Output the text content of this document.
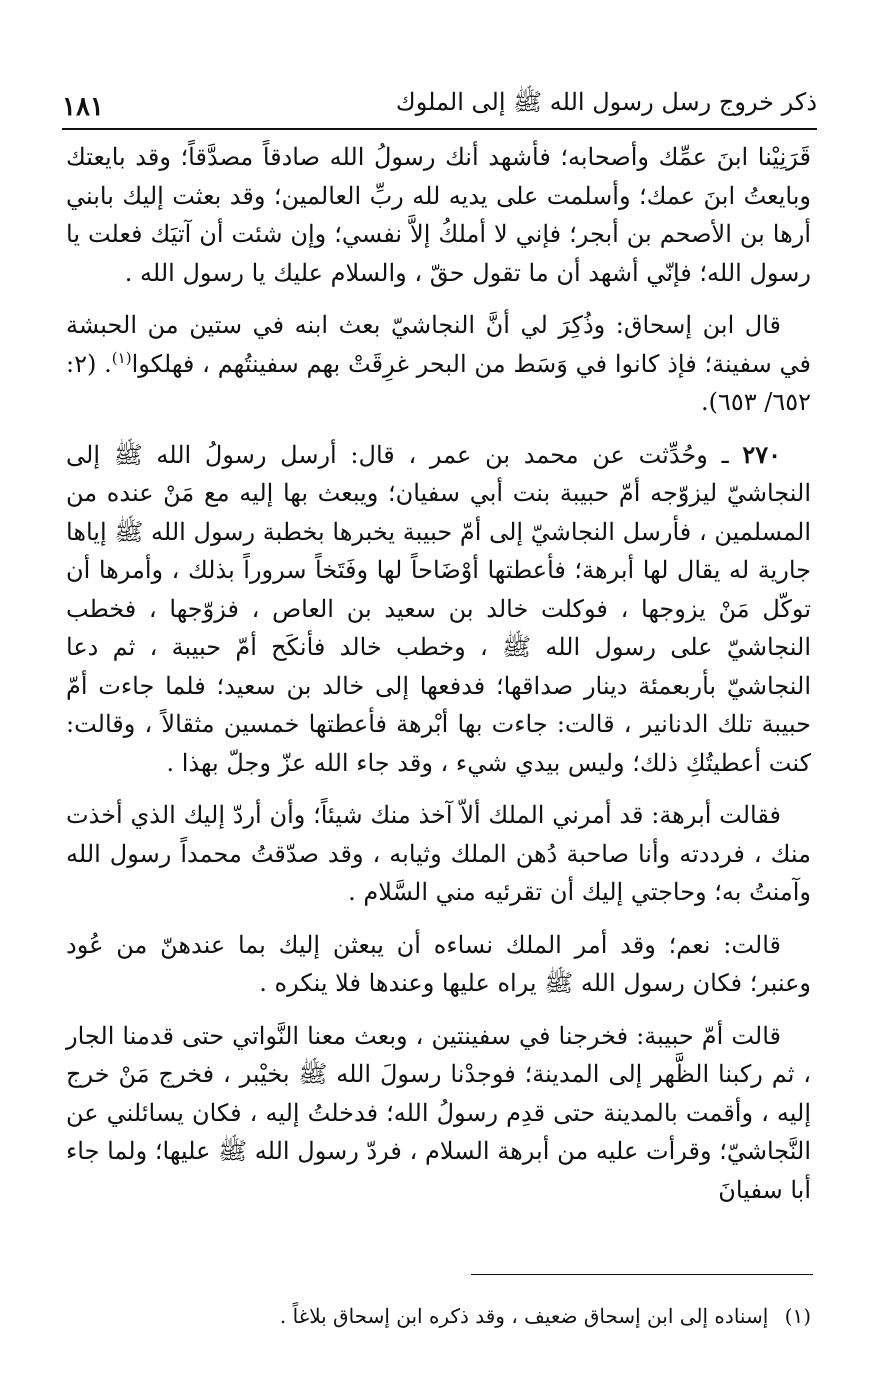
ذكر خروج رسل رسول الله ﷺ إلى الملوك
١٨١

قَرَنِيْنا ابنَ عمِّك وأصحابه؛ فأشهد أنك رسولُ الله صادقاً مصدَّقاً؛ وقد بايعتك وبايعتُ ابنَ عمك؛ وأسلمت على يديه لله ربِّ العالمين؛ وقد بعثت إليك بابني أرها بن الأصحم بن أبجر؛ فإني لا أملكُ إلاَّ نفسي؛ وإن شئت أن آتيَك فعلت يا رسول الله؛ فإنّي أشهد أن ما تقول حقّ ، والسلام عليك يا رسول الله .

قال ابن إسحاق: وذُكِرَ لي أنَّ النجاشيّ بعث ابنه في ستين من الحبشة في سفينة؛ فإذ كانوا في وَسَط من البحر غرِقَتْ بهم سفينتُهم ، فهلكوا$^{(١)}$. (٢: ٦٥٢/ ٦٥٣).

٢٧٠ ـ وحُدِّثت عن محمد بن عمر ، قال: أرسل رسولُ الله ﷺ إلى النجاشيّ ليزوّجه أمّ حبيبة بنت أبي سفيان؛ ويبعث بها إليه مع مَنْ عنده من المسلمين ، فأرسل النجاشيّ إلى أمّ حبيبة يخبرها بخطبة رسول الله ﷺ إياها جارية له يقال لها أبرهة؛ فأعطتها أوْضَاحاً لها وفَتَخاً سروراً بذلك ، وأمرها أن توكّل مَنْ يزوجها ، فوكلت خالد بن سعيد بن العاص ، فزوّجها ، فخطب النجاشيّ على رسول الله ﷺ ، وخطب خالد فأنكَح أمّ حبيبة ، ثم دعا النجاشيّ بأربعمئة دينار صداقها؛ فدفعها إلى خالد بن سعيد؛ فلما جاءت أمّ حبيبة تلك الدنانير ، قالت: جاءت بها أبْرهة فأعطتها خمسين مثقالاً ، وقالت: كنت أعطيتُكِ ذلك؛ وليس بيدي شيء ، وقد جاء الله عزّ وجلّ بهذا .

فقالت أبرهة: قد أمرني الملك ألاّ آخذ منك شيئاً؛ وأن أردّ إليك الذي أخذت منك ، فرددته وأنا صاحبة دُهن الملك وثيابه ، وقد صدّقتُ محمداً رسول الله وآمنتُ به؛ وحاجتي إليك أن تقرئيه مني السَّلام .

قالت: نعم؛ وقد أمر الملك نساءه أن يبعثن إليك بما عندهنّ من عُود وعنبر؛ فكان رسول الله ﷺ يراه عليها وعندها فلا ينكره .

قالت أمّ حبيبة: فخرجنا في سفينتين ، وبعث معنا النَّواتي حتى قدمنا الجار ، ثم ركبنا الظَّهر إلى المدينة؛ فوجدْنا رسولَ الله ﷺ بخيْبر ، فخرج مَنْ خرج إليه ، وأقمت بالمدينة حتى قدِم رسولُ الله؛ فدخلتُ إليه ، فكان يسائلني عن النَّجاشيّ؛ وقرأت عليه من أبرهة السلام ، فردّ رسول الله ﷺ عليها؛ ولما جاء أبا سفيانَ

(١) إسناده إلى ابن إسحاق ضعيف ، وقد ذكره ابن إسحاق بلاغاً .
